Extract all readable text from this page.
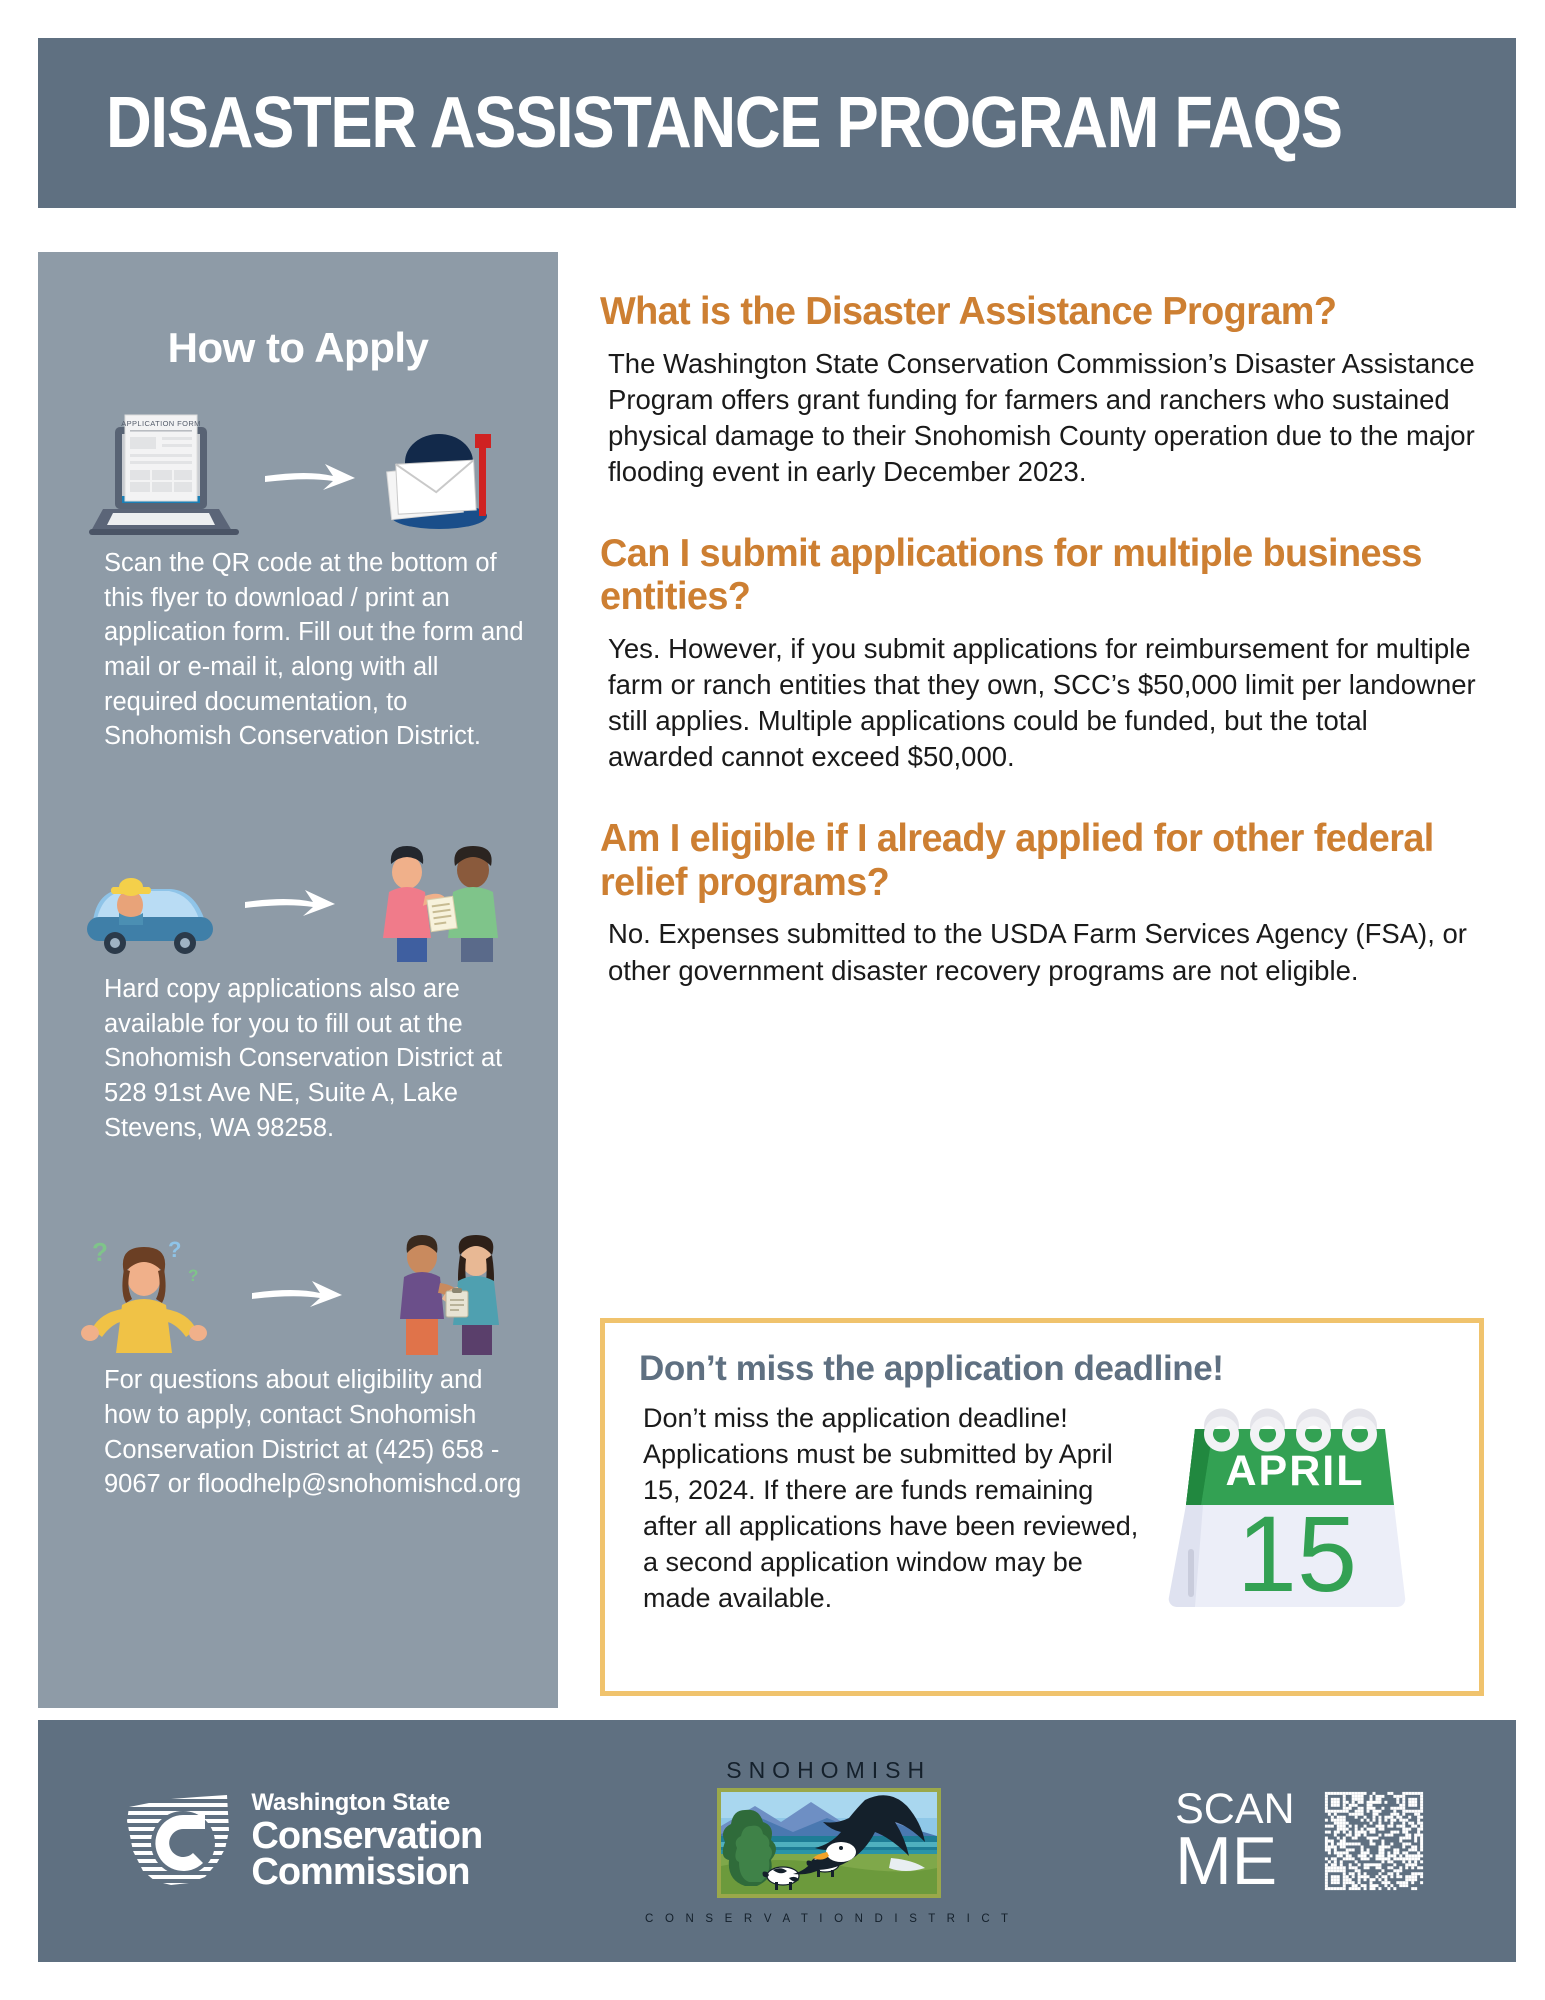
DISASTER ASSISTANCE PROGRAM FAQS
How to Apply
APPLICATION FORM
Scan the QR code at the bottom of this flyer to download / print an application form. Fill out the form and mail or e-mail it, along with all required documentation, to Snohomish Conservation District.
Hard copy applications also are available for you to fill out at the Snohomish Conservation District at 528 91st Ave NE, Suite A, Lake Stevens, WA 98258.
?	?
?
For questions about eligibility and how to apply, contact Snohomish Conservation District at (425) 658 - 9067 or floodhelp@snohomishcd.org
What is the Disaster Assistance Program?

The Washington State Conservation Commission’s Disaster Assistance Program offers grant funding for farmers and ranchers who sustained physical damage to their Snohomish County operation due to the major flooding event in early December 2023.

Can I submit applications for multiple business entities?

Yes. However, if you submit applications for reimbursement for multiple farm or ranch entities that they own, SCC’s $50,000 limit per landowner still applies. Multiple applications could be funded, but the total awarded cannot exceed $50,000.

Am I eligible if I already applied for other federal relief programs?

No. Expenses submitted to the USDA Farm Services Agency (FSA), or other government disaster recovery programs are not eligible.

Don’t miss the application deadline!
Don’t miss the application deadline! Applications must be submitted by April 15, 2024. If there are funds remaining after all applications have been reviewed, a second application window may be made available.
APRIL
15
Washington State
Conservation
Commission
SNOHOMISH
C O N S E R V A T I O N D I S T R I C T
SCAN
ME
